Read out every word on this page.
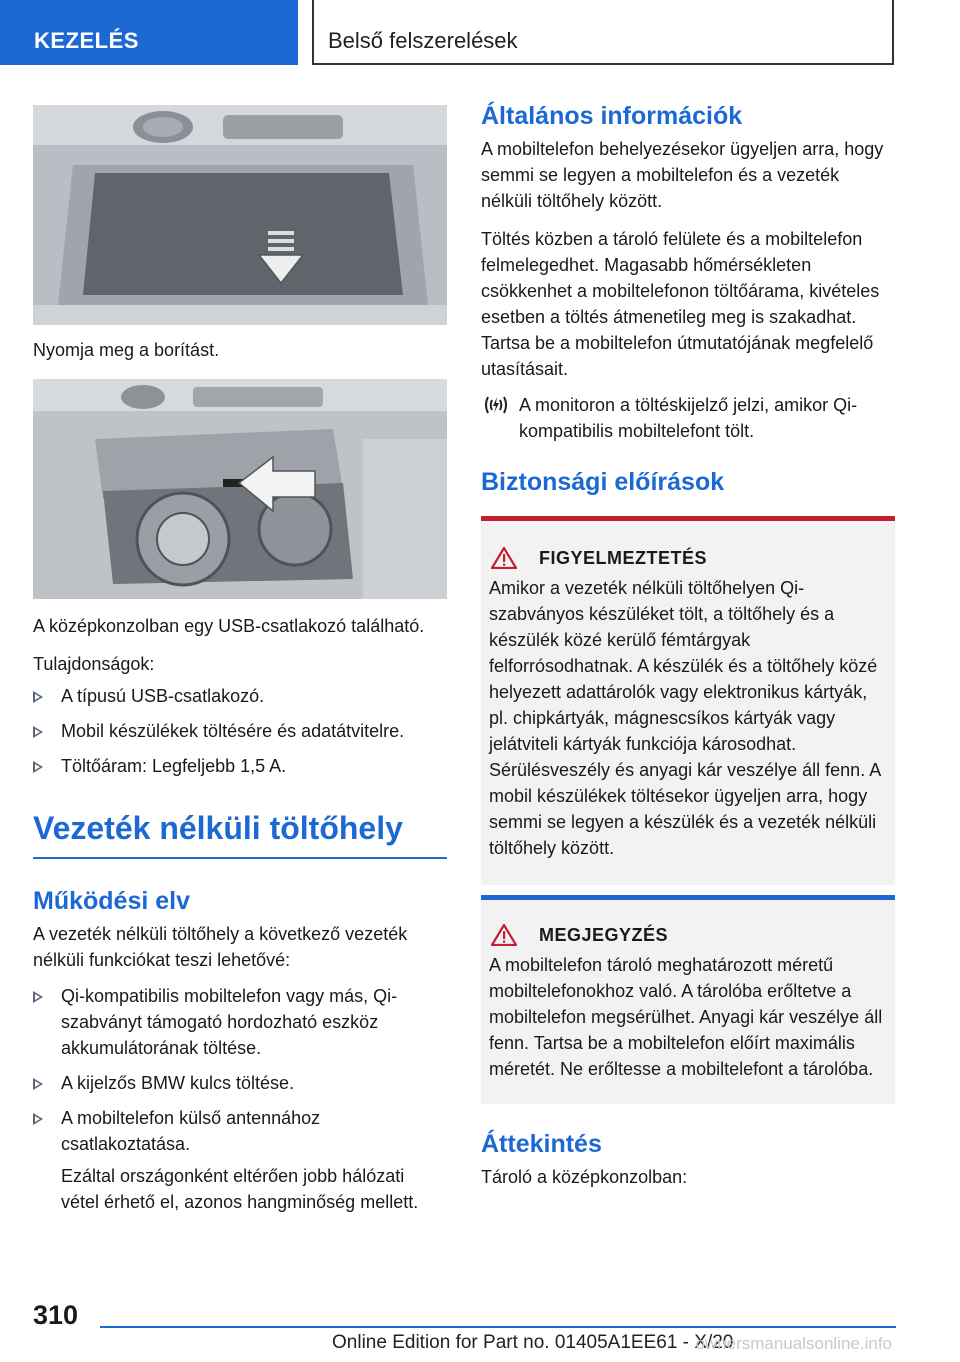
KEZELÉS	Belső felszerelések

Nyomja meg a borítást.

A középkonzolban egy USB-csatlakozó található.

Tulajdonságok:

A típusú USB-csatlakozó.
Mobil készülékek töltésére és adatátvitelre.
Töltőáram: Legfeljebb 1,5 A.
Vezeték nélküli töltőhely
Működési elv

A vezeték nélküli töltőhely a következő vezeték nélküli funkciókat teszi lehetővé:

Qi-kompatibilis mobiltelefon vagy más, Qi-szabványt támogató hordozható eszköz akkumulátorának töltése.
A kijelzős BMW kulcs töltése.
A mobiltelefon külső antennához csatlakoztatása.

Ezáltal országonként eltérően jobb hálózati vétel érhető el, azonos hangminőség mellett.

Általános információk

A mobiltelefon behelyezésekor ügyeljen arra, hogy semmi se legyen a mobiltelefon és a vezeték nélküli töltőhely között.

Töltés közben a tároló felülete és a mobiltelefon felmelegedhet. Magasabb hőmérsékleten csökkenhet a mobiltelefonon töltőárama, kivételes esetben a töltés átmenetileg meg is szakadhat. Tartsa be a mobiltelefon útmutatójának megfelelő utasításait.

A monitoron a töltéskijelző jelzi, amikor Qi-kompatibilis mobiltelefont tölt.

Biztonsági előírások
FIGYELMEZTETÉS

Amikor a vezeték nélküli töltőhelyen Qi-szabványos készüléket tölt, a töltőhely és a készülék közé kerülő fémtárgyak felforrósodhatnak. A készülék és a töltőhely közé helyezett adattárolók vagy elektronikus kártyák, pl. chipkártyák, mágnescsíkos kártyák vagy jelátviteli kártyák funkciója károsodhat. Sérülésveszély és anyagi kár veszélye áll fenn. A mobil készülékek töltésekor ügyeljen arra, hogy semmi se legyen a készülék és a vezeték nélküli töltőhely között.

MEGJEGYZÉS

A mobiltelefon tároló meghatározott méretű mobiltelefonokhoz való. A tárolóba erőltetve a mobiltelefon megsérülhet. Anyagi kár veszélye áll fenn. Tartsa be a mobiltelefon előírt maximális méretét. Ne erőltesse a mobiltelefont a tárolóba.

Áttekintés

Tároló a középkonzolban:

310
Online Edition for Part no. 01405A1EE61 - X/20
ownersmanualsonline.info
